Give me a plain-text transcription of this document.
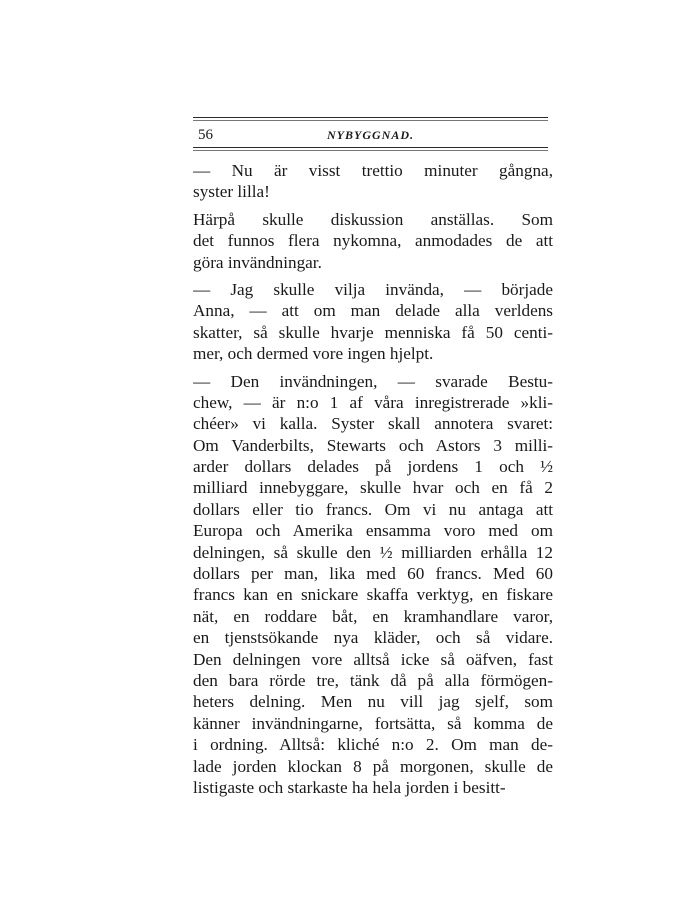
56	NYBYGGNAD.
— Nu är visst trettio minuter gångna,
syster lilla!
Härpå skulle diskussion anställas. Som
det funnos flera nykomna, anmodades de att
göra invändningar.
— Jag skulle vilja invända, — började
Anna, — att om man delade alla verldens
skatter, så skulle hvarje menniska få 50 centi-
mer, och dermed vore ingen hjelpt.
— Den invändningen, — svarade Bestu-
chew, — är n:o 1 af våra inregistrerade »kli-
chéer» vi kalla. Syster skall annotera svaret:
Om Vanderbilts, Stewarts och Astors 3 milli-
arder dollars delades på jordens 1 och ½
milliard innebyggare, skulle hvar och en få 2
dollars eller tio francs. Om vi nu antaga att
Europa och Amerika ensamma voro med om
delningen, så skulle den ½ milliarden erhålla 12
dollars per man, lika med 60 francs. Med 60
francs kan en snickare skaffa verktyg, en fiskare
nät, en roddare båt, en kramhandlare varor,
en tjenstsökande nya kläder, och så vidare.
Den delningen vore alltså icke så oäfven, fast
den bara rörde tre, tänk då på alla förmögen-
heters delning. Men nu vill jag sjelf, som
känner invändningarne, fortsätta, så komma de
i ordning. Alltså: kliché n:o 2. Om man de-
lade jorden klockan 8 på morgonen, skulle de
listigaste och starkaste ha hela jorden i besitt-
